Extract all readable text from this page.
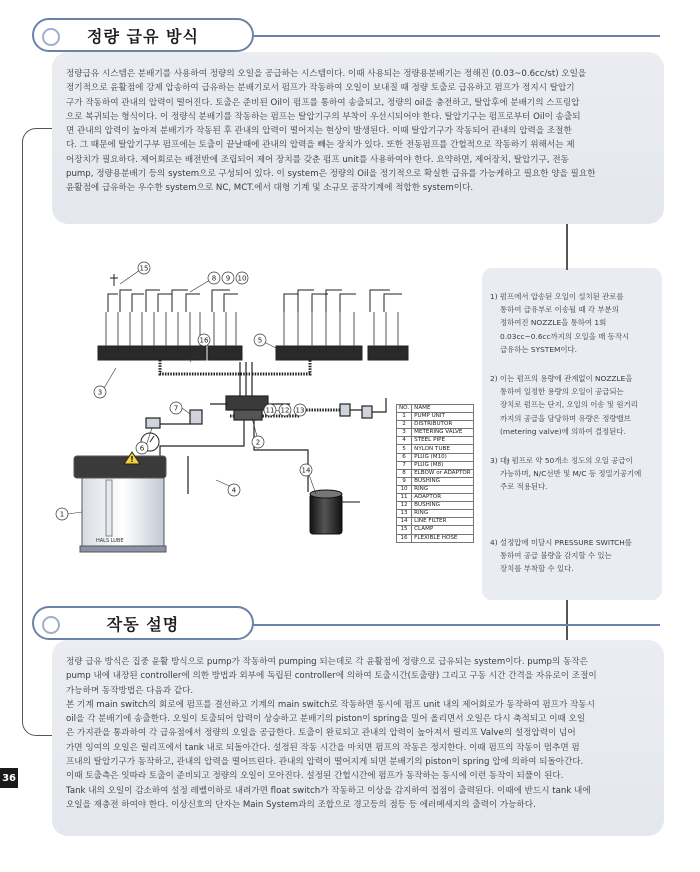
정량 급유 방식
정량급유 시스템은 분배기를 사용하여 정량의 오일을 공급하는 시스템이다. 이때 사용되는 정량용분배기는 정해진 (0.03~0.6cc/st) 오일을
정기적으로 윤활점에 강제 압송하여 급유하는 분배기로서 펌프가 작동하여 오일이 보내질 때 정량 토출로 급유하고 펌프가 정지시 탈압기
구가 작동하여 관내의 압력이 떨어진다. 토출은 준비된 Oil이 펌프를 통하여 송출되고, 정량의 oil을 충전하고, 탈압후에 분배기의 스프링압
으로 복귀되는 형식이다. 이 정량식 분배기를 작동하는 펌프는 탈압기구의 부착이 우선시되어야 한다. 탈압기구는 펌프로부터 Oil이 송출되
면 관내의 압력이 높아져 분배기가 작동된 후 관내의 압력이 떨어지는 현상이 발생된다. 이때 탈압기구가 작동되어 관내의 압력을 조절한
다. 그 때문에 탈압기구부 펌프에는 토출이 끝날때에 관내의 압력을 빼는 장치가 있다. 또한 전동펌프를 간헐적으로 작동하기 위해서는 제
어장치가 필요하다. 제어회로는 배전반에 조립되어 제어 장치를 갖춘 펌프 unit를 사용하여야 한다. 요약하면, 제어장치, 탈압기구, 전동
pump, 정량용분배기 등의 system으로 구성되어 있다. 이 system은 정량의 Oil을 정기적으로 확실한 급유를 가능케하고 필요한 양을 필요한
윤활점에 급유하는 우수한 system으로 NC, MCT.에서 대형 기계 및 소규모 공작기계에 적합한 system이다.
36
!
HALS LUBE
15
8 9 10
16	5
3
7
6
11 12 13
2
4
14
1
NO.	NAME
1	PUMP UNIT
2	DISTRIBUTOR
3	METERING VALVE
4	STEEL PIPE
5	NYLON TUBE
6	PLUG (M10)
7	PLUG (M8)
8	ELBOW or ADAPTOR
9	BUSHING
10	RING
11	ADAPTOR
12	BUSHING
13	RING
14	LINE FILTER
15	CLAMP
16	FLEXIBLE HOSE
1) 펌프에서 압송된 오일이 설치된 관로를
통하여 급유부로 이송될 때 각 부분의
정하여진 NOZZLE을 통하여 1회
0.03cc~0.6cc까지의 오일을 매 동작시
급유하는 SYSTEM이다.
2) 이는 펌프의 용량에 관계없이 NOZZLE을
통하여 일정한 용량의 오일이 공급되는
장치로 펌프는 단지, 오일의 이송 및 원거리
까지의 공급을 담당하며 유량은 정량밸브
(metering valve)에 의하여 결정된다.
3) 대Ɉ 펌프로 약 50개소 정도의 오일 공급이
가능하며, N/C선반 및 M/C 등 정밀기공기에
주로 적용된다.
4) 설정압에 미달시 PRESSURE SWITCH를
통하여 공급 불량을 감지할 수 있는
장치를 부착할 수 있다.
작동 설명
정량 급유 방식은 집중 윤활 방식으로 pump가 작동하여 pumping 되는데로 각 윤활점에 정량으로 급유되는 system이다. pump의 동작은
pump 내에 내장된 controller에 의한 방법과 외부에 독립된 controller에 의하여 토출시간(토출량) 그리고 구동 시간 간격을 자유로이 조절이
가능하며 동작방법은 다음과 같다.
본 기계 main switch의 회로에 펌프를 결선하고 기계의 main switch로 작동하면 동시에 펌프 unit 내의 제어회로가 동작하여 펌프가 작동시
oil을 각 분배기에 송출한다. 오일이 토출되어 압력이 상승하고 분배기의 piston이 spring을 밀어 올리면서 오일은 다시 축적되고 이때 오일
은 가지관을 통과하여 각 급유점에서 정량의 오일을 공급한다. 토출이 완료되고 관내의 압력이 높아져서 릴리프 Valve의 설정압력이 넘어
가면 잉여의 오일은 릴리프에서 tank 내로 되돌아간다. 설정된 작동 시간을 마치면 펌프의 작동은 정지한다. 이때 펌프의 작동이 멈추면 펌
프내의 탈압기구가 동작하고, 관내의 압력을 떨어뜨린다. 관내의 압력이 떨어지게 되면 분배기의 piston이 spring 압에 의하여 되돌아간다.
이때 토출측은 잇따라 토출이 준비되고 정량의 오일이 모아진다. 설정된 간헐시간에 펌프가 동작하는 동시에 이런 동작이 되풀이 된다.
Tank 내의 오일이 감소하여 설정 레벨이하로 내려가면 float switch가 작동하고 이상을 감지하여 접점이 출력된다. 이때에 반드시 tank 내에
오일을 재충전 하여야 한다. 이상신호의 단자는 Main System과의 조합으로 경고등의 점등 등 에러메세지의 출력이 가능하다.
